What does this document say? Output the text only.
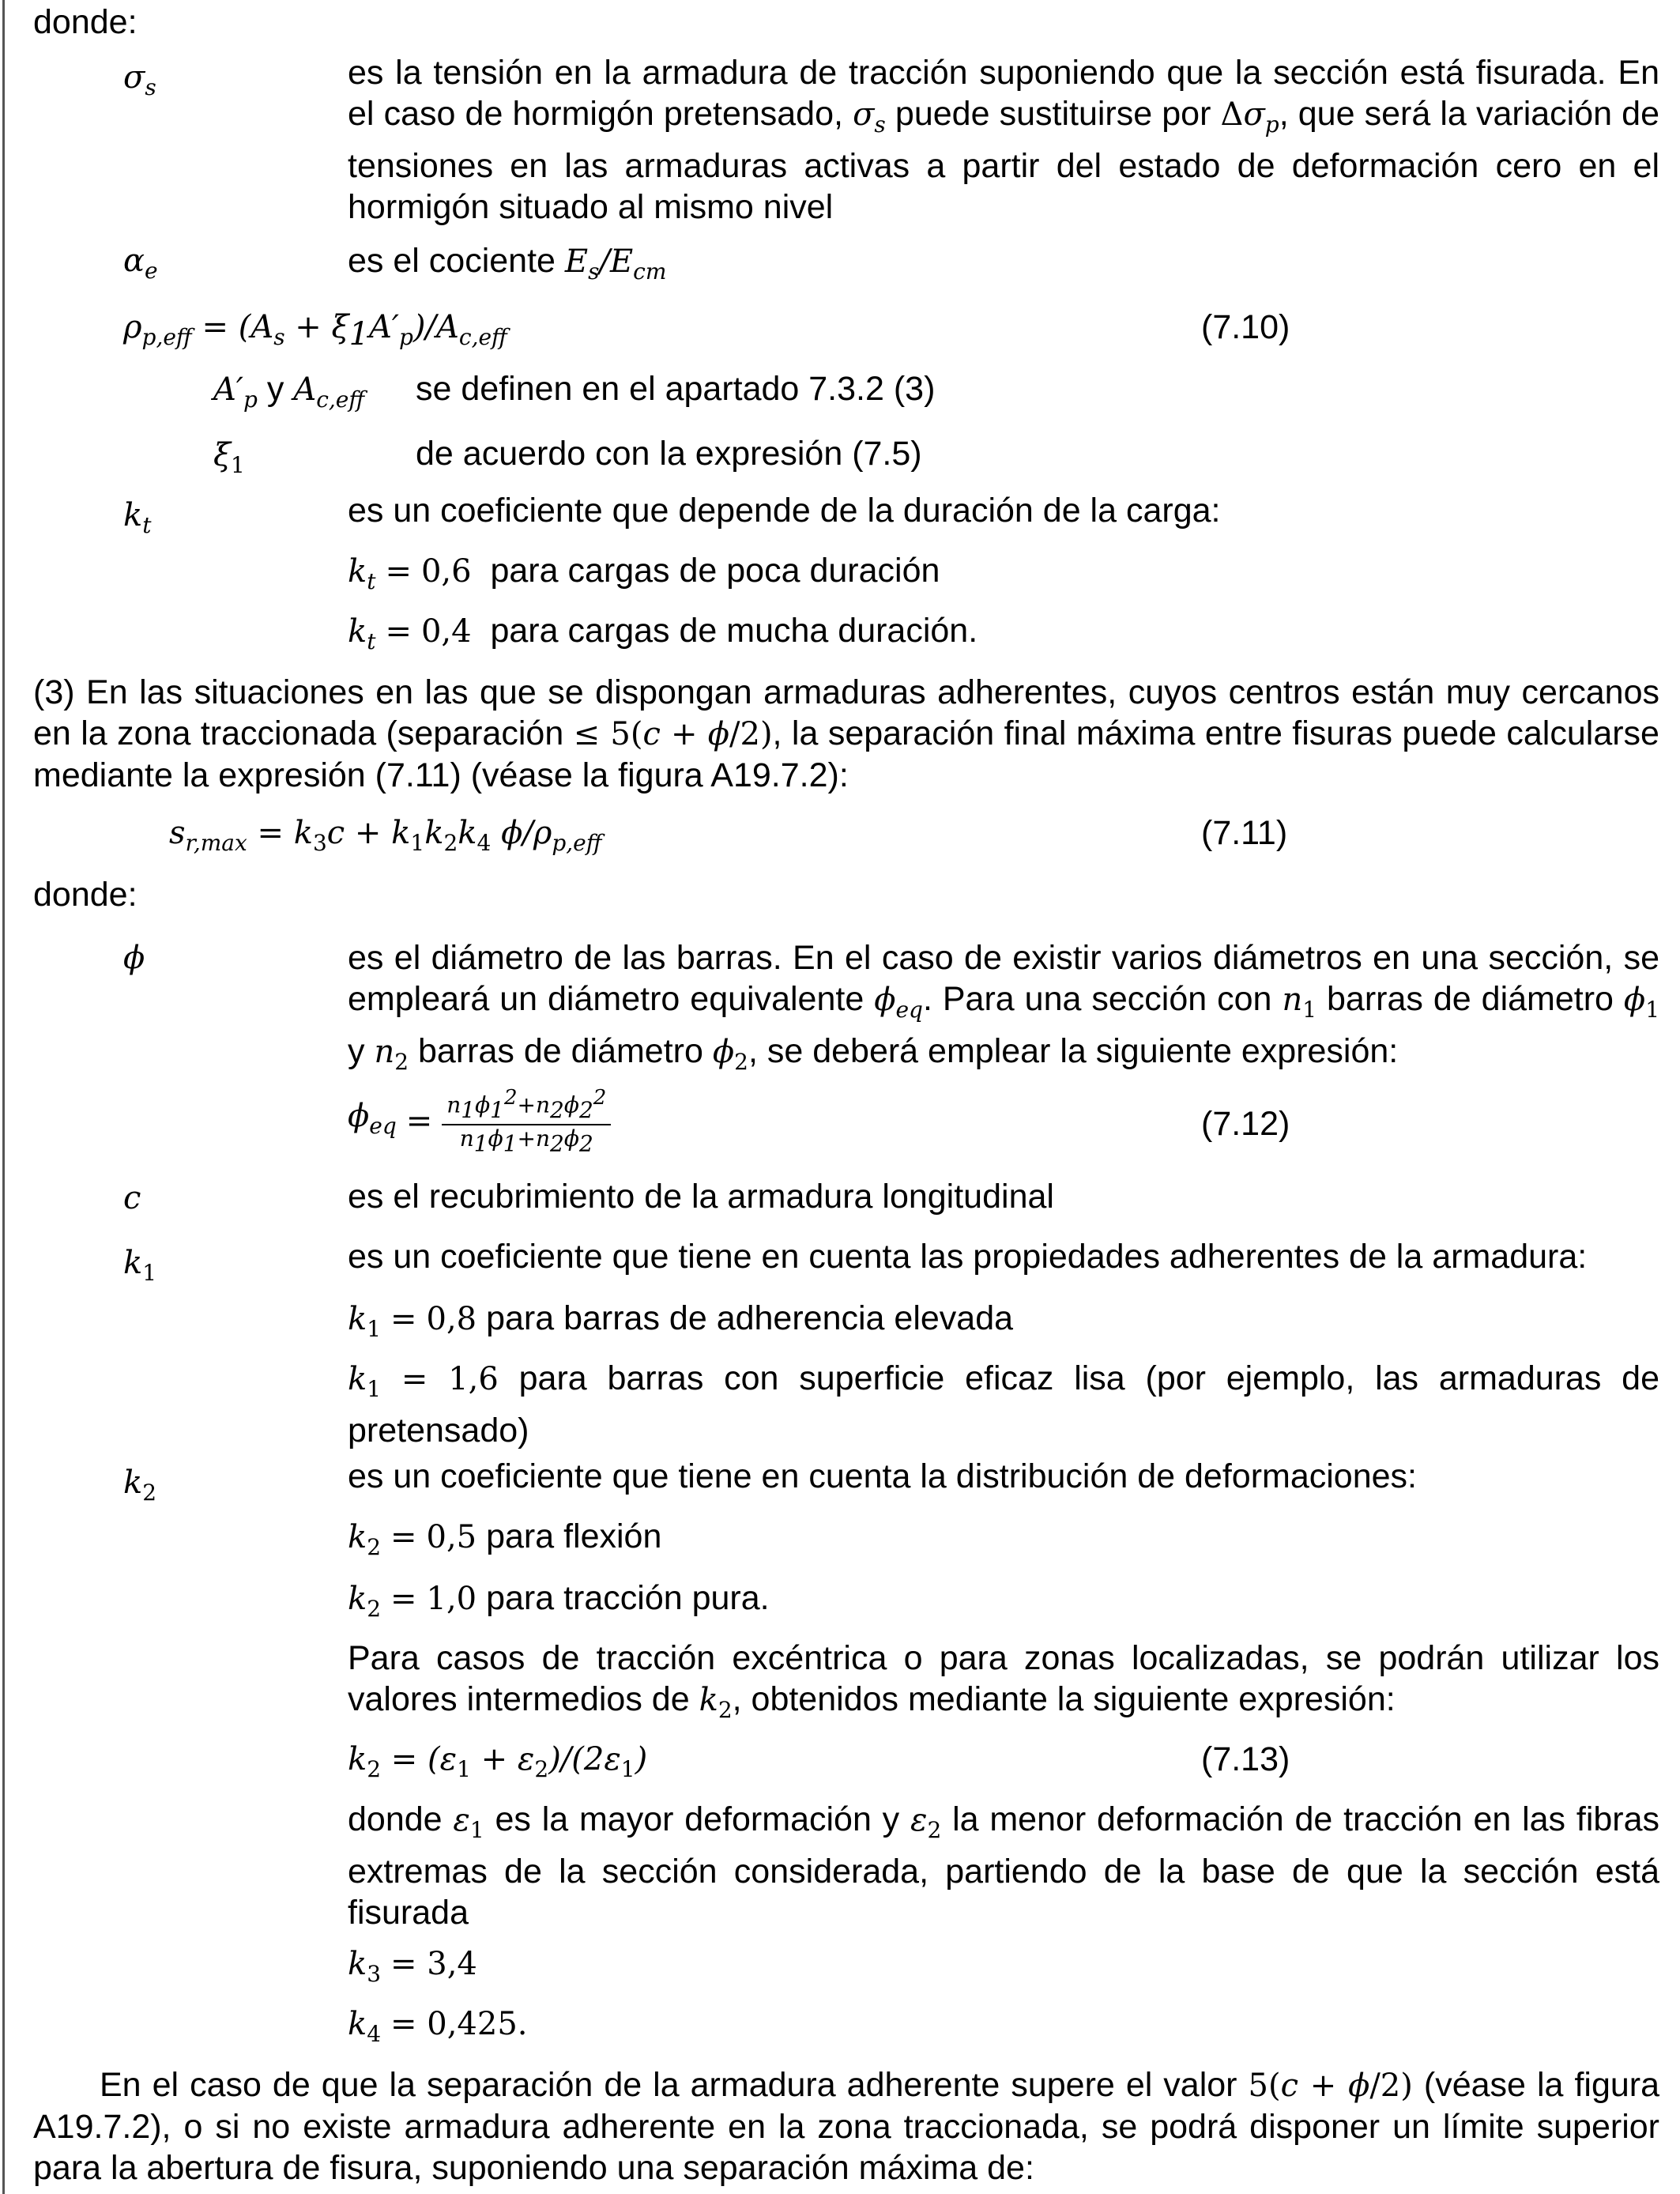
donde:
$\sigma_s$	es la tensión en la armadura de tracción suponiendo que la sección está fisurada. En el caso de hormigón pretensado, $\sigma_s$ puede sustituirse por $\Delta\sigma_p$, que será la variación de tensiones en las armaduras activas a partir del estado de deformación cero en el hormigón situado al mismo nivel
$\alpha_e$	es el cociente $E_s/E_{cm}$
$\rho_{p,eff} = (A_s + \xi_1A'_p)/A_{c,eff}$	(7.10)
$A'_p$ y $A_{c,eff}$ se definen en el apartado 7.3.2 (3)
$\xi_1$	de acuerdo con la expresión (7.5)
$k_t$	es un coeficiente que depende de la duración de la carga:
$k_t = 0,6$ para cargas de poca duración
$k_t = 0,4$ para cargas de mucha duración.
(3) En las situaciones en las que se dispongan armaduras adherentes, cuyos centros están muy cercanos en la zona traccionada (separación ≤ 5(c + ϕ/2), la separación final máxima entre fisuras puede calcularse mediante la expresión (7.11) (véase la figura A19.7.2):
$s_{r,max} = k_3c + k_1k_2k_4$ $\phi/\rho_{p,eff}$	(7.11)
donde:
ϕ	es el diámetro de las barras. En el caso de existir varios diámetros en una sección, se empleará un diámetro equivalente $\phi_{eq}$. Para una sección con $n_1$ barras de diámetro $\phi_1$ y $n_2$ barras de diámetro $\phi_2$, se deberá emplear la siguiente expresión:
$\phi_{eq} = \frac{n_1\phi_1^2+n_2\phi_2^2}{n_1\phi_1+n_2\phi_2}$	(7.12)
c	es el recubrimiento de la armadura longitudinal
$k_1$	es un coeficiente que tiene en cuenta las propiedades adherentes de la armadura:
$k_1 = 0,8$ para barras de adherencia elevada
$k_1 = 1,6$ para barras con superficie eficaz lisa (por ejemplo, las armaduras de pretensado)
$k_2$	es un coeficiente que tiene en cuenta la distribución de deformaciones:
$k_2 = 0,5$ para flexión
$k_2 = 1,0$ para tracción pura.
Para casos de tracción excéntrica o para zonas localizadas, se podrán utilizar los valores intermedios de $k_2$, obtenidos mediante la siguiente expresión:
$k_2 = (\varepsilon_1 + \varepsilon_2)/(2\varepsilon_1)$	(7.13)
donde $\varepsilon_1$ es la mayor deformación y $\varepsilon_2$ la menor deformación de tracción en las fibras extremas de la sección considerada, partiendo de la base de que la sección está fisurada
$k_3 = 3,4$
$k_4 = 0,425$.
En el caso de que la separación de la armadura adherente supere el valor 5(c + ϕ/2) (véase la figura A19.7.2), o si no existe armadura adherente en la zona traccionada, se podrá disponer un límite superior para la abertura de fisura, suponiendo una separación máxima de:
